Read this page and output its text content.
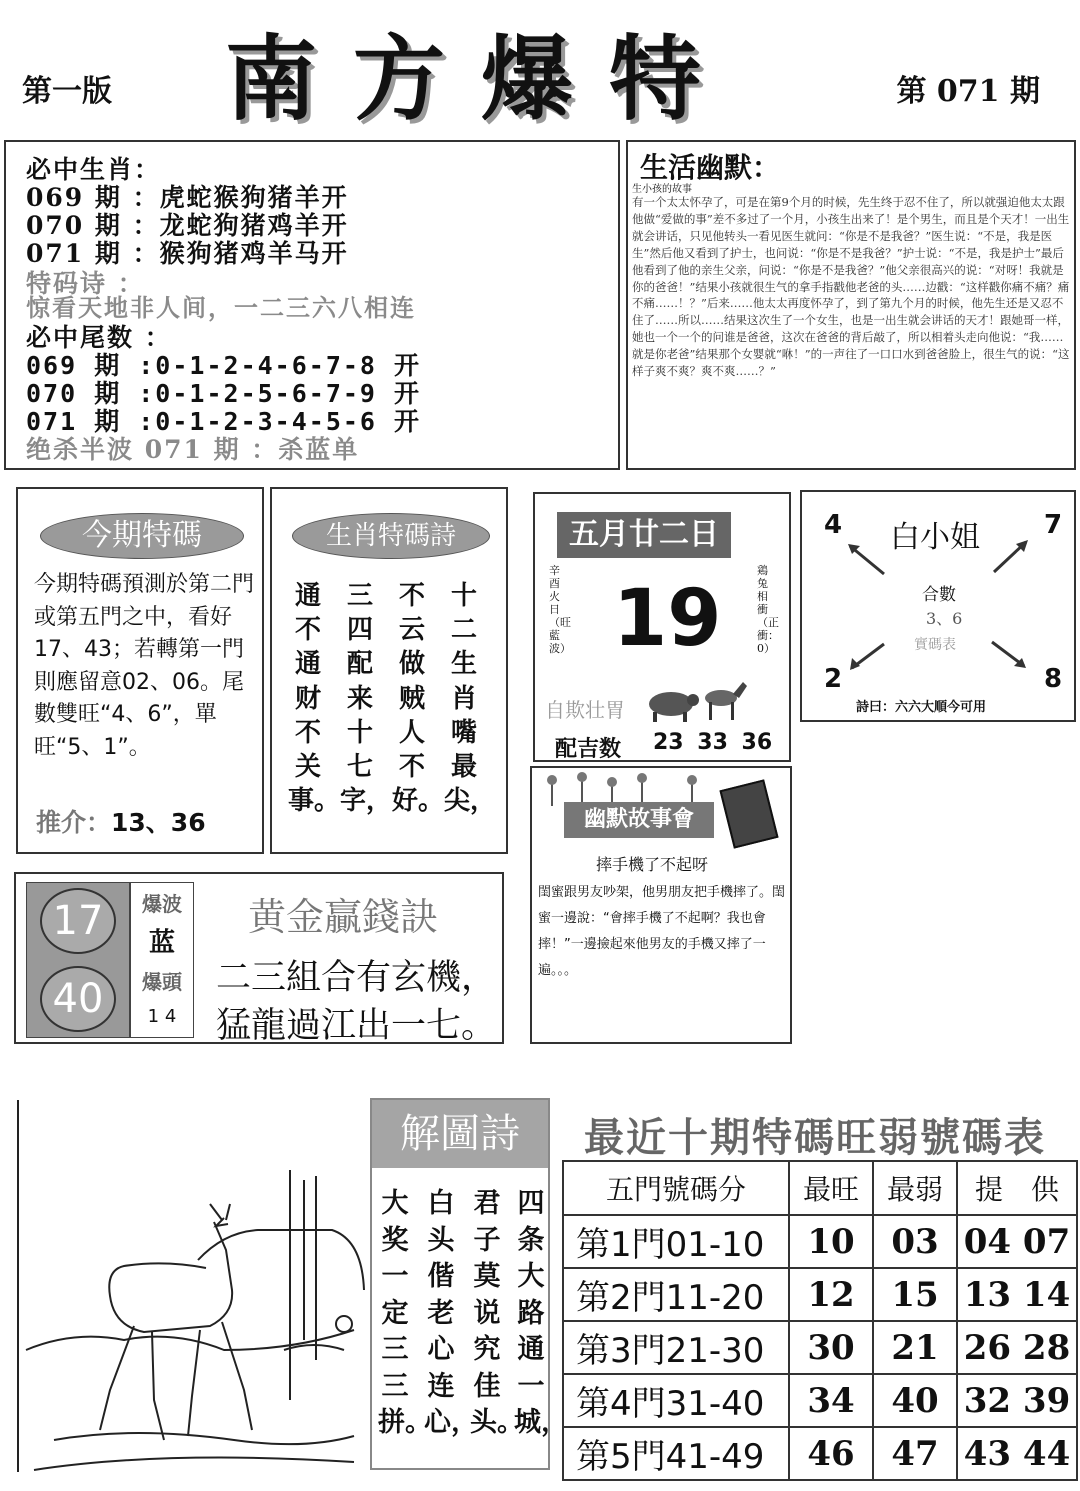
第一版 南方爆特	第 071 期
必中生肖：
069 期 ：虎蛇猴狗猪羊开
070 期 ：龙蛇狗猪鸡羊开
071 期 ：猴狗猪鸡羊马开
特码诗 ：
惊看天地非人间，一二三六八相连
必中尾数 ：
069 期 :0-1-2-4-6-7-8 开
070 期 :0-1-2-5-6-7-9 开
071 期 :0-1-2-3-4-5-6 开
绝杀半波 071 期 ：杀蓝单
生活幽默：
生小孩的故事
有一个太太怀孕了，可是在第9个月的时候，先生终于忍不住了，所以就强迫他太太跟他做“爱做的事”差不多过了一个月，小孩生出来了！是个男生，而且是个天才！一出生就会讲话，只见他转头一看见医生就问：“你是不是我爸？”医生说：“不是，我是医生”然后他又看到了护士，也问说：“你是不是我爸？”护士说：“不是，我是护士”最后他看到了他的亲生父亲，问说：“你是不是我爸？”他父亲很高兴的说：“对呀！我就是你的爸爸！”结果小孩就很生气的拿手指戳他老爸的头……边戳：“这样戳你痛不痛？痛不痛……！？”后来……他太太再度怀孕了，到了第九个月的时候，他先生还是又忍不住了……所以……结果这次生了一个女生，也是一出生就会讲话的天才！跟她哥一样，她也一个一个的问谁是爸爸，这次在爸爸的背后敲了，所以相着头走向他说：“我……就是你老爸”结果那个女婴就“咻！”的一声往了一口口水到爸爸脸上，很生气的说：“这样子爽不爽？爽不爽……？”
今期特碼
今期特碼預測於第二門或第五門之中，看好17、43；若轉第一門則應留意02、06。尾數雙旺“4、6”，單旺“5、1”。
推介：13、36
生肖特碼詩
十二生肖嘴最尖，
不云做贼人不好。
三四配来十七字，
通不通财不关事。
五月廿二日
19
辛酉火日（旺藍波）
鶏兔相衝（正衝：0）
自欺壮胃
配吉数 23 33 36
4	7
2	8
白小姐
合數
3、6
實碼表
詩曰：六六大順今可用
17
40
爆波
蓝
爆頭
1 4
黄金贏錢訣
二三組合有玄機，
猛龍過江出一七。
幽默故事會
摔手機了不起呀
閨蜜跟男友吵架，他男朋友把手機摔了。閨蜜一邊說：“會摔手機了不起啊？我也會摔！”一邊撿起來他男友的手機又摔了一遍。。。
解圖詩
四条大路通一城，
君子莫说究佳头。
白头偕老心连心，
大奖一定三三拼。
最近十期特碼旺弱號碼表
五門號碼分	最旺	最弱	提　供
第1門01-10	10	03	04 07
第2門11-20	12	15	13 14
第3門21-30	30	21	26 28
第4門31-40	34	40	32 39
第5門41-49	46	47	43 44
